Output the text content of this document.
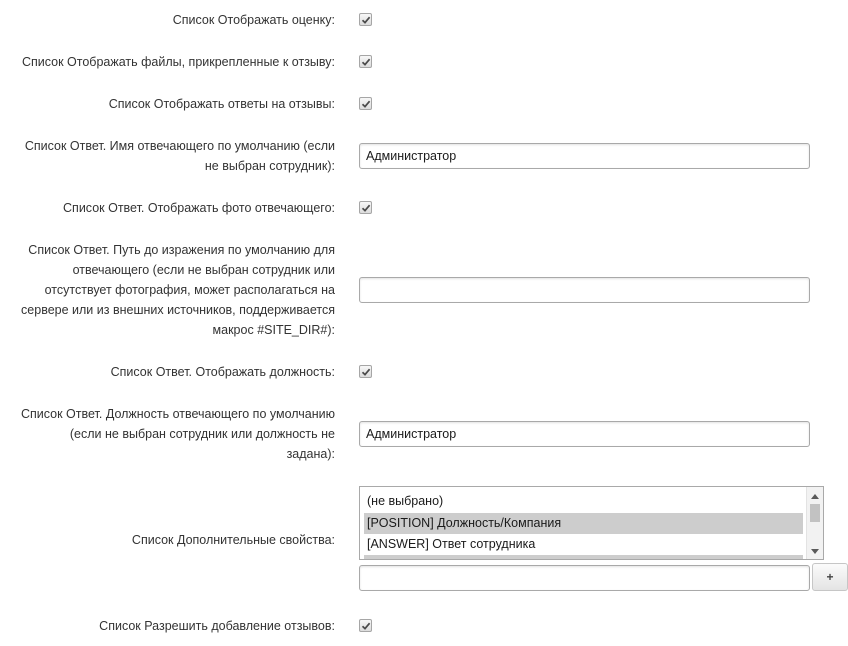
Список Отображать оценку:
Список Отображать файлы, прикрепленные к отзыву:
Список Отображать ответы на отзывы:
Список Ответ. Имя отвечающего по умолчанию (если
не выбран сотрудник):
Администратор
Список Ответ. Отображать фото отвечающего:
Список Ответ. Путь до изражения по умолчанию для
отвечающего (если не выбран сотрудник или
отсутствует фотография, может располагаться на
сервере или из внешних источников, поддерживается
макрос #SITE_DIR#):
Список Ответ. Отображать должность:
Список Ответ. Должность отвечающего по умолчанию
(если не выбран сотрудник или должность не
задана):
Администратор
Список Дополнительные свойства:
(не выбрано)
[POSITION] Должность/Компания
[ANSWER] Ответ сотрудника
+
Список Разрешить добавление отзывов:
